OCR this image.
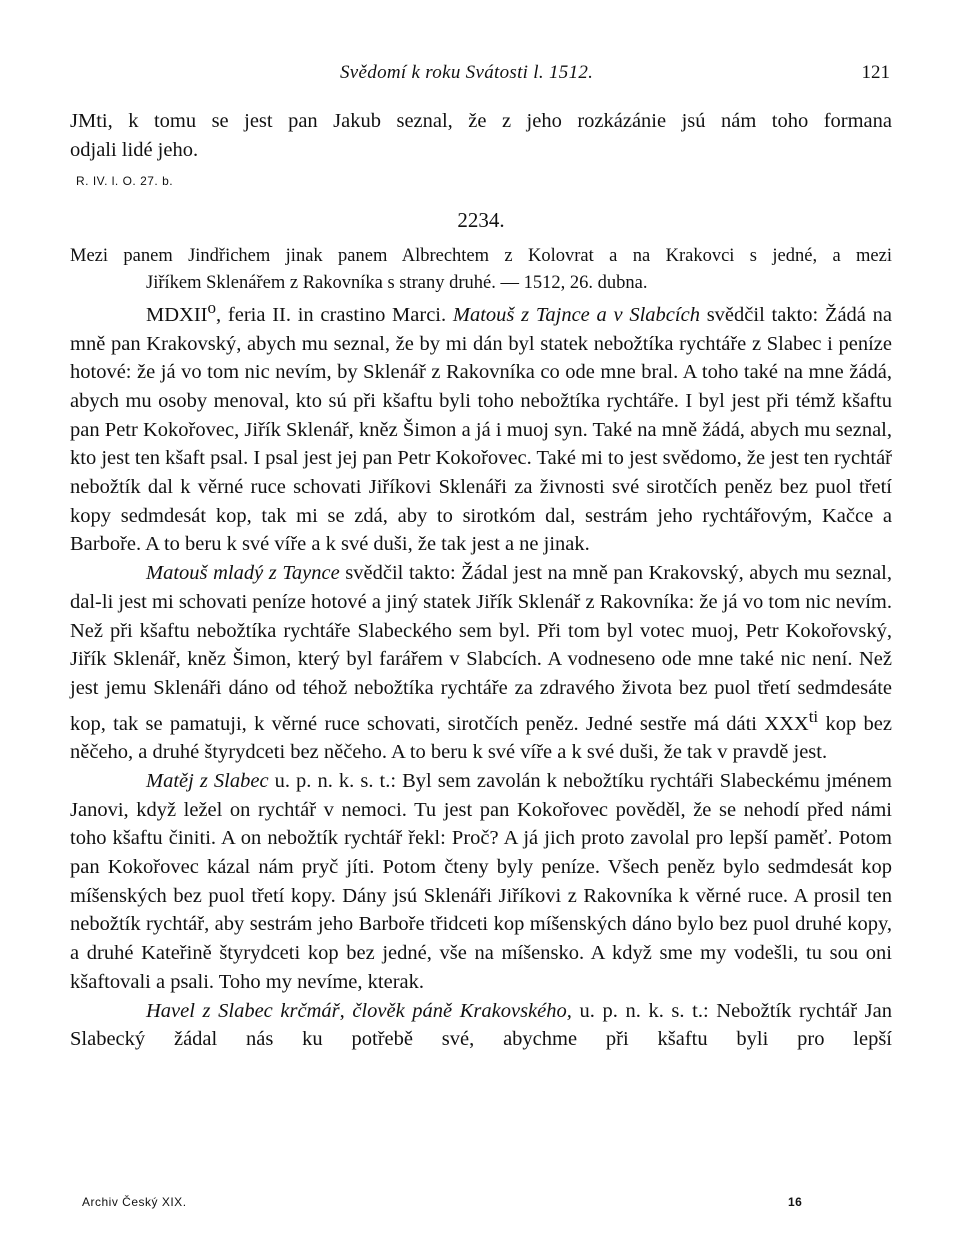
Svědomí k roku Svátosti l. 1512.	121
JMti, k tomu se jest pan Jakub seznal, že z jeho rozkázánie jsú nám toho formana
odjali lidé jeho.
R. IV. l. O. 27. b.
2234.
Mezi panem Jindřichem jinak panem Albrechtem z Kolovrat a na Krakovci s jedné, a mezi
Jiříkem Sklenářem z Rakovníka s strany druhé. — 1512, 26. dubna.

MDXII$^o$, feria II. in crastino Marci. Matouš z Tajnce a v Slabcích svědčil takto: Žádá na mně pan Krakovský, abych mu seznal, že by mi dán byl statek nebožtíka rychtáře z Slabec i peníze hotové: že já vo tom nic nevím, by Sklenář z Rakovníka co ode mne bral. A toho také na mne žádá, abych mu osoby menoval, kto sú při kšaftu byli toho nebožtíka rychtáře. I byl jest při témž kšaftu pan Petr Kokořovec, Jiřík Sklenář, kněz Šimon a já i muoj syn. Také na mně žádá, abych mu seznal, kto jest ten kšaft psal. I psal jest jej pan Petr Kokořovec. Také mi to jest svědomo, že jest ten rychtář nebožtík dal k věrné ruce schovati Jiříkovi Sklenáři za živnosti své sirotčích peněz bez puol třetí kopy sedmdesát kop, tak mi se zdá, aby to sirotkóm dal, sestrám jeho rychtářovým, Kačce a Barboře. A to beru k své víře a k své duši, že tak jest a ne jinak.

Matouš mladý z Taynce svědčil takto: Žádal jest na mně pan Krakovský, abych mu seznal, dal-li jest mi schovati peníze hotové a jiný statek Jiřík Sklenář z Rakovníka: že já vo tom nic nevím. Než při kšaftu nebožtíka rychtáře Slabeckého sem byl. Při tom byl votec muoj, Petr Kokořovský, Jiřík Sklenář, kněz Šimon, který byl farářem v Slabcích. A vodneseno ode mne také nic není. Než jest jemu Sklenáři dáno od téhož nebožtíka rychtáře za zdravého života bez puol třetí sedmdesáte kop, tak se pamatuji, k věrné ruce schovati, sirotčích peněz. Jedné sestře má dáti $XXX^{ti}$ kop bez něčeho, a druhé štyrydceti bez něčeho. A to beru k své víře a k své duši, že tak v pravdě jest.

Matěj z Slabec u. p. n. k. s. t.: Byl sem zavolán k nebožtíku rychtáři Slabeckému jménem Janovi, když ležel on rychtář v nemoci. Tu jest pan Kokořovec pověděl, že se nehodí před námi toho kšaftu činiti. A on nebožtík rychtář řekl: Proč? A já jich proto zavolal pro lepší paměť. Potom pan Kokořovec kázal nám pryč jíti. Potom čteny byly peníze. Všech peněz bylo sedmdesát kop míšenských bez puol třetí kopy. Dány jsú Sklenáři Jiříkovi z Rakovníka k věrné ruce. A prosil ten nebožtík rychtář, aby sestrám jeho Barboře třidceti kop míšenských dáno bylo bez puol druhé kopy, a druhé Kateřině štyrydceti kop bez jedné, vše na míšensko. A když sme my vodešli, tu sou oni kšaftovali a psali. Toho my nevíme, kterak.

Havel z Slabec krčmář, člověk páně Krakovského, u. p. n. k. s. t.: Nebožtík rychtář Jan Slabecký žádal nás ku potřebě své, abychme při kšaftu byli pro lepší

Archiv Český XIX.	16
